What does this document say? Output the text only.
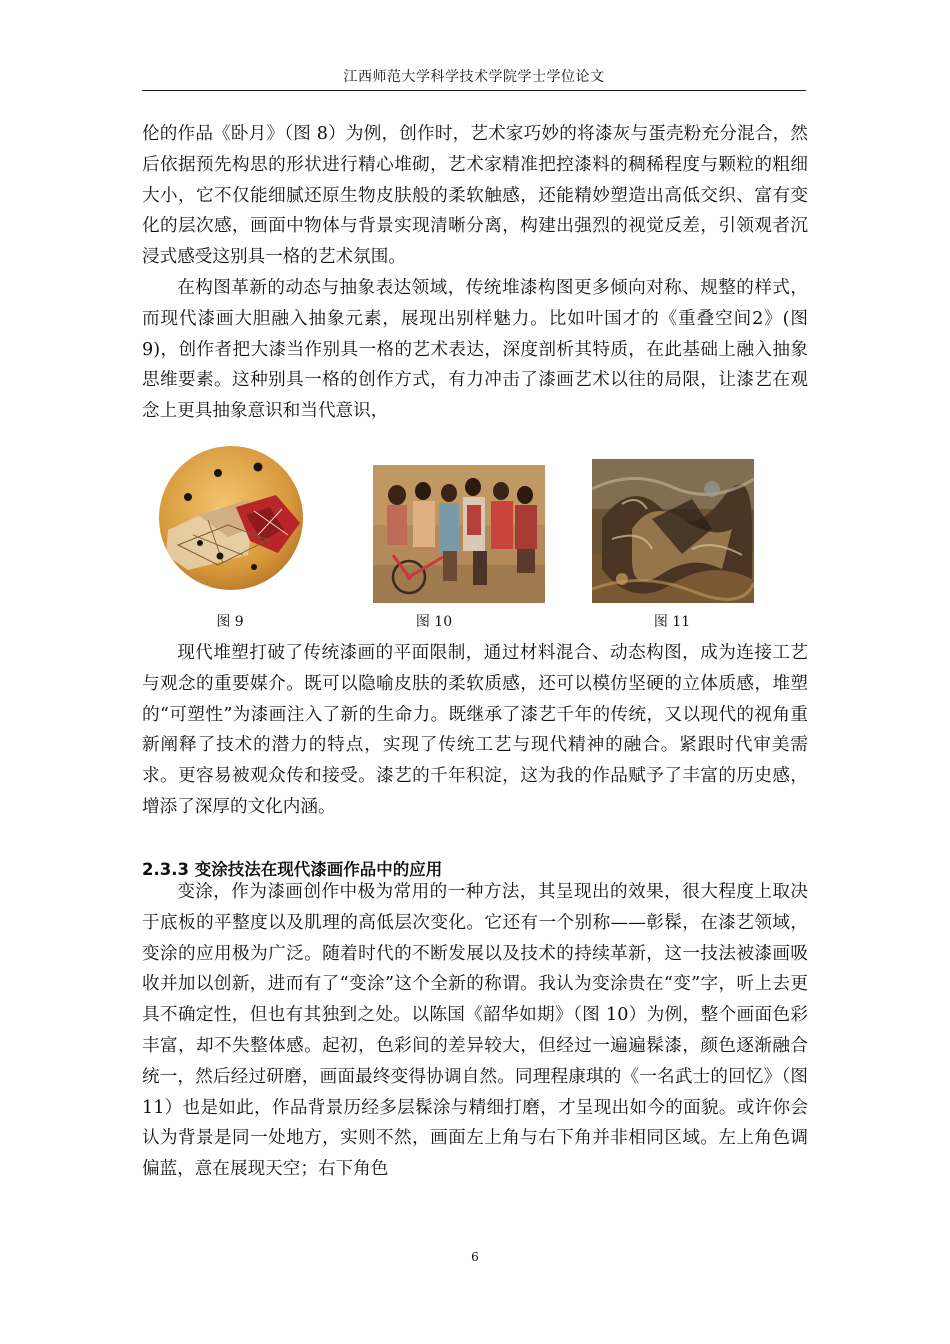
江西师范大学科学技术学院学士学位论文

伦的作品《卧月》（图 8）为例，创作时，艺术家巧妙的将漆灰与蛋壳粉充分混合，然后依据预先构思的形状进行精心堆砌，艺术家精准把控漆料的稠稀程度与颗粒的粗细大小，它不仅能细腻还原生物皮肤般的柔软触感，还能精妙塑造出高低交织、富有变化的层次感，画面中物体与背景实现清晰分离，构建出强烈的视觉反差，引领观者沉浸式感受这别具一格的艺术氛围。

在构图革新的动态与抽象表达领域，传统堆漆构图更多倾向对称、规整的样式，而现代漆画大胆融入抽象元素，展现出别样魅力。比如叶国才的《重叠空间2》(图 9)，创作者把大漆当作别具一格的艺术表达，深度剖析其特质，在此基础上融入抽象思维要素。这种别具一格的创作方式，有力冲击了漆画艺术以往的局限，让漆艺在观念上更具抽象意识和当代意识，

图 9	图 10	图 11

现代堆塑打破了传统漆画的平面限制，通过材料混合、动态构图，成为连接工艺与观念的重要媒介。既可以隐喻皮肤的柔软质感，还可以模仿坚硬的立体质感，堆塑的“可塑性”为漆画注入了新的生命力。既继承了漆艺千年的传统，又以现代的视角重新阐释了技术的潜力的特点，实现了传统工艺与现代精神的融合。紧跟时代审美需求。更容易被观众传和接受。漆艺的千年积淀，这为我的作品赋予了丰富的历史感，增添了深厚的文化内涵。

2.3.3 变涂技法在现代漆画作品中的应用

变涂，作为漆画创作中极为常用的一种方法，其呈现出的效果，很大程度上取决于底板的平整度以及肌理的高低层次变化。它还有一个别称——彰髹，在漆艺领域，变涂的应用极为广泛。随着时代的不断发展以及技术的持续革新，这一技法被漆画吸收并加以创新，进而有了“变涂”这个全新的称谓。我认为变涂贵在“变”字，听上去更具不确定性，但也有其独到之处。以陈国《韶华如期》（图 10）为例，整个画面色彩丰富，却不失整体感。起初，色彩间的差异较大，但经过一遍遍髹漆，颜色逐渐融合统一，然后经过研磨，画面最终变得协调自然。同理程康琪的《一名武士的回忆》（图 11）也是如此，作品背景历经多层髹涂与精细打磨，才呈现出如今的面貌。或许你会认为背景是同一处地方，实则不然，画面左上角与右下角并非相同区域。左上角色调偏蓝，意在展现天空；右下角色

6
